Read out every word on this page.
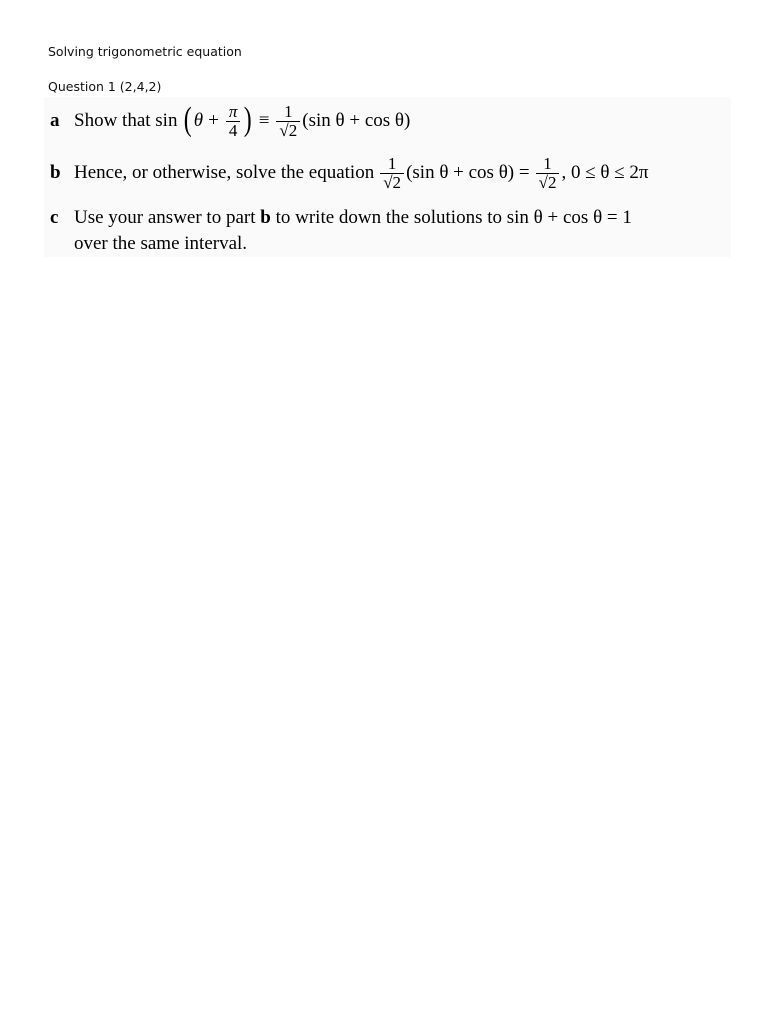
Solving trigonometric equation
Question 1 (2,4,2)
a Show that sin ( $\theta + \frac{\pi}{4}$ ) ≡ $\frac{1}{√2} (\sin$ θ + cos θ)
b Hence, or otherwise, solve the equation $\frac{1}{√2} (\sin$ $\theta + \cos \theta) = \frac{1}{√2}$ , 0 ≤ θ ≤ 2π
c Use your answer to part b to write down the solutions to sin θ + cos θ = 1
over the same interval.
